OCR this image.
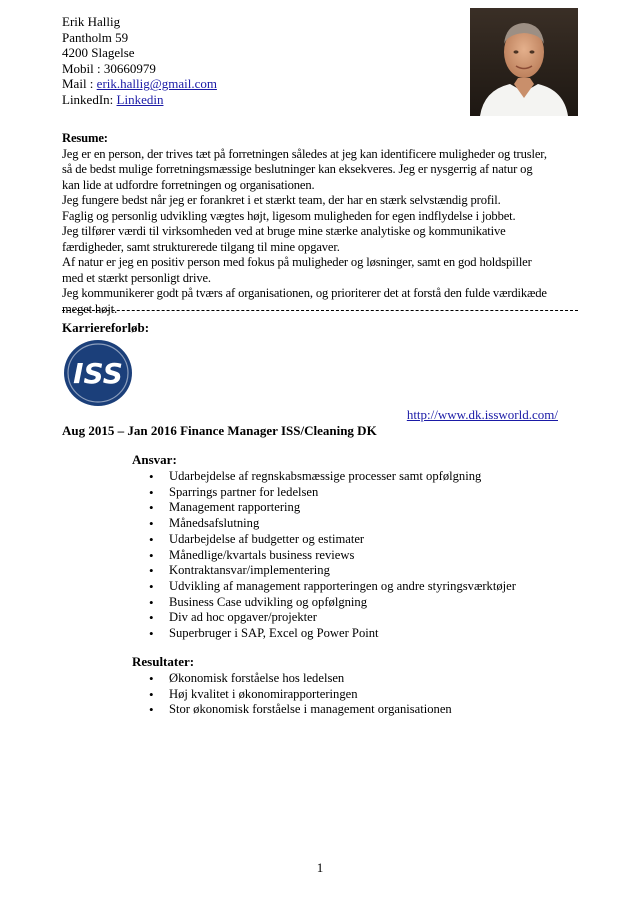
Erik Hallig
Pantholm 59
4200 Slagelse
Mobil : 30660979
Mail : erik.hallig@gmail.com
LinkedIn: Linkedin

Resume:

Jeg er en person, der trives tæt på forretningen således at jeg kan identificere muligheder og trusler,

så de bedst mulige forretningsmæssige beslutninger kan eksekveres. Jeg er nysgerrig af natur og

kan lide at udfordre forretningen og organisationen.

Jeg fungere bedst når jeg er forankret i et stærkt team, der har en stærk selvstændig profil.

Faglig og personlig udvikling vægtes højt, ligesom muligheden for egen indflydelse i jobbet.

Jeg tilfører værdi til virksomheden ved at bruge mine stærke analytiske og kommunikative

færdigheder, samt strukturerede tilgang til mine opgaver.

Af natur er jeg en positiv person med fokus på muligheder og løsninger, samt en god holdspiller

med et stærkt personligt drive.

Jeg kommunikerer godt på tværs af organisationen, og prioriterer det at forstå den fulde værdikæde

meget højt.

Karriereforløb:
ISS
http://www.dk.issworld.com/
Aug 2015 – Jan 2016 Finance Manager ISS/Cleaning DK
Ansvar:
• Udarbejdelse af regnskabsmæssige processer samt opfølgning
• Sparrings partner for ledelsen
• Management rapportering
• Månedsafslutning
• Udarbejdelse af budgetter og estimater
• Månedlige/kvartals business reviews
• Kontraktansvar/implementering
• Udvikling af management rapporteringen og andre styringsværktøjer
• Business Case udvikling og opfølgning
• Div ad hoc opgaver/projekter
• Superbruger i SAP, Excel og Power Point
Resultater:
• Økonomisk forståelse hos ledelsen
• Høj kvalitet i økonomirapporteringen
• Stor økonomisk forståelse i management organisationen
1
